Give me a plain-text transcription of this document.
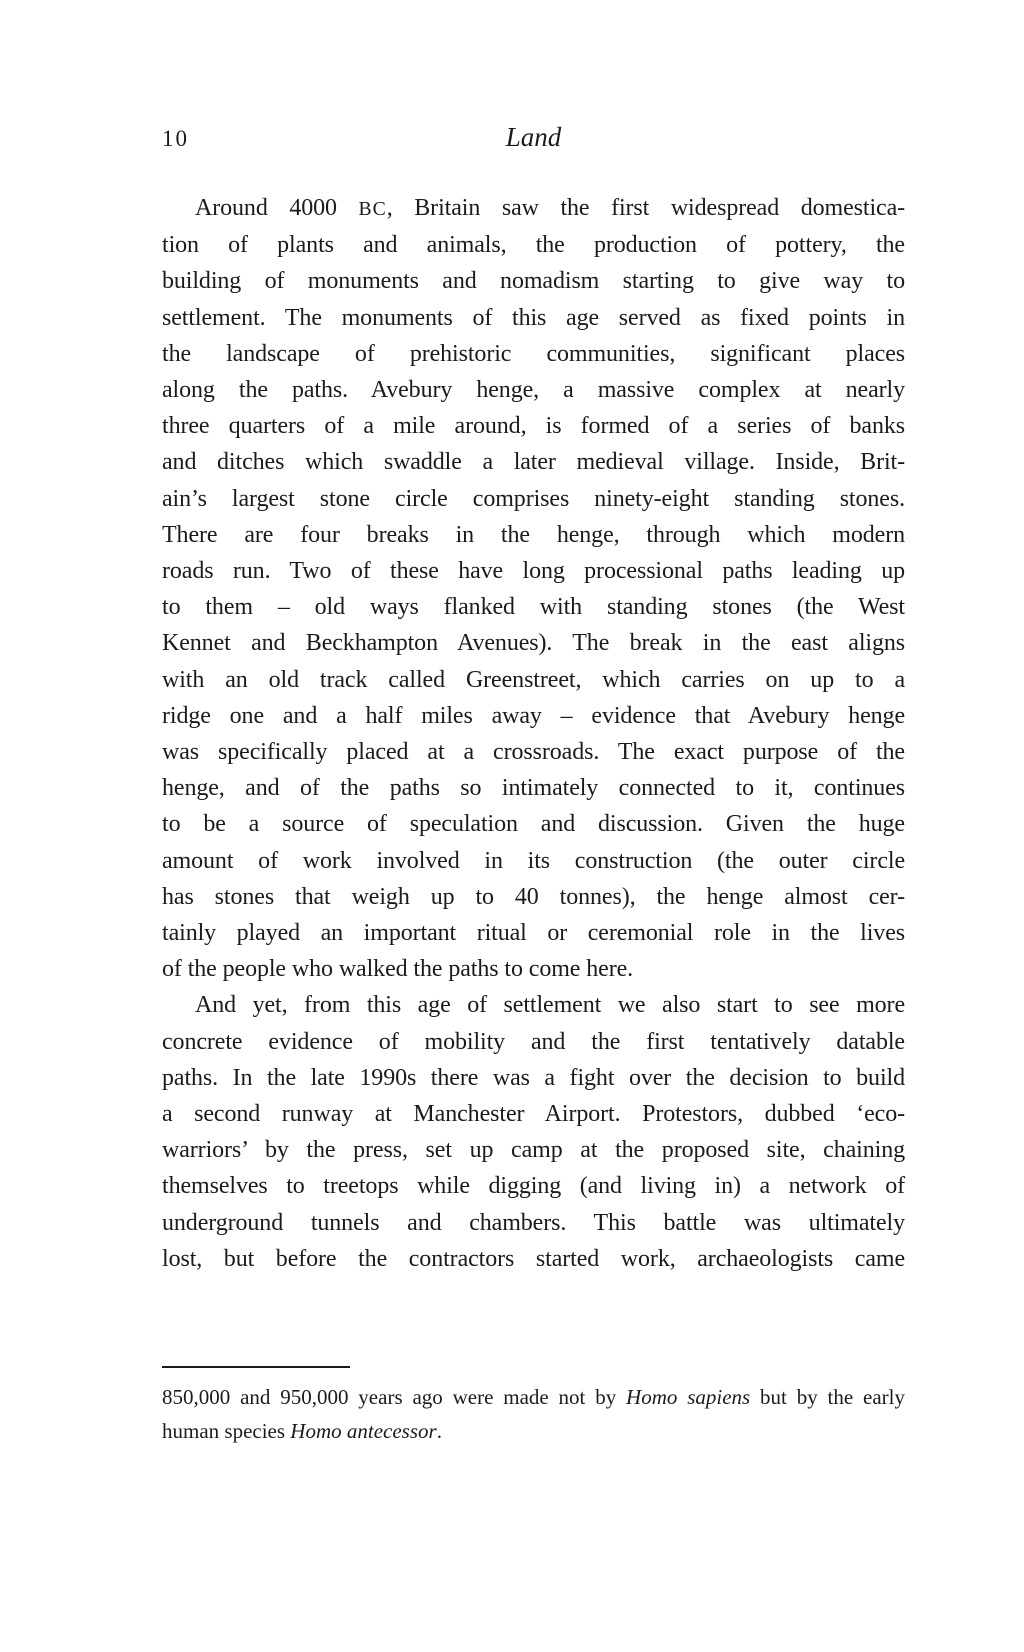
10	Land
Around 4000 BC, Britain saw the first widespread domestica-
tion of plants and animals, the production of pottery, the
building of monuments and nomadism starting to give way to
settlement. The monuments of this age served as fixed points in
the landscape of prehistoric communities, significant places
along the paths. Avebury henge, a massive complex at nearly
three quarters of a mile around, is formed of a series of banks
and ditches which swaddle a later medieval village. Inside, Brit-
ain’s largest stone circle comprises ninety-eight standing stones.
There are four breaks in the henge, through which modern
roads run. Two of these have long processional paths leading up
to them – old ways flanked with standing stones (the West
Kennet and Beckhampton Avenues). The break in the east aligns
with an old track called Greenstreet, which carries on up to a
ridge one and a half miles away – evidence that Avebury henge
was specifically placed at a crossroads. The exact purpose of the
henge, and of the paths so intimately connected to it, continues
to be a source of speculation and discussion. Given the huge
amount of work involved in its construction (the outer circle
has stones that weigh up to 40 tonnes), the henge almost cer-
tainly played an important ritual or ceremonial role in the lives
of the people who walked the paths to come here.
And yet, from this age of settlement we also start to see more
concrete evidence of mobility and the first tentatively datable
paths. In the late 1990s there was a fight over the decision to build
a second runway at Manchester Airport. Protestors, dubbed ‘eco-
warriors’ by the press, set up camp at the proposed site, chaining
themselves to treetops while digging (and living in) a network of
underground tunnels and chambers. This battle was ultimately
lost, but before the contractors started work, archaeologists came
850,000 and 950,000 years ago were made not by Homo sapiens but by the early
human species Homo antecessor.
